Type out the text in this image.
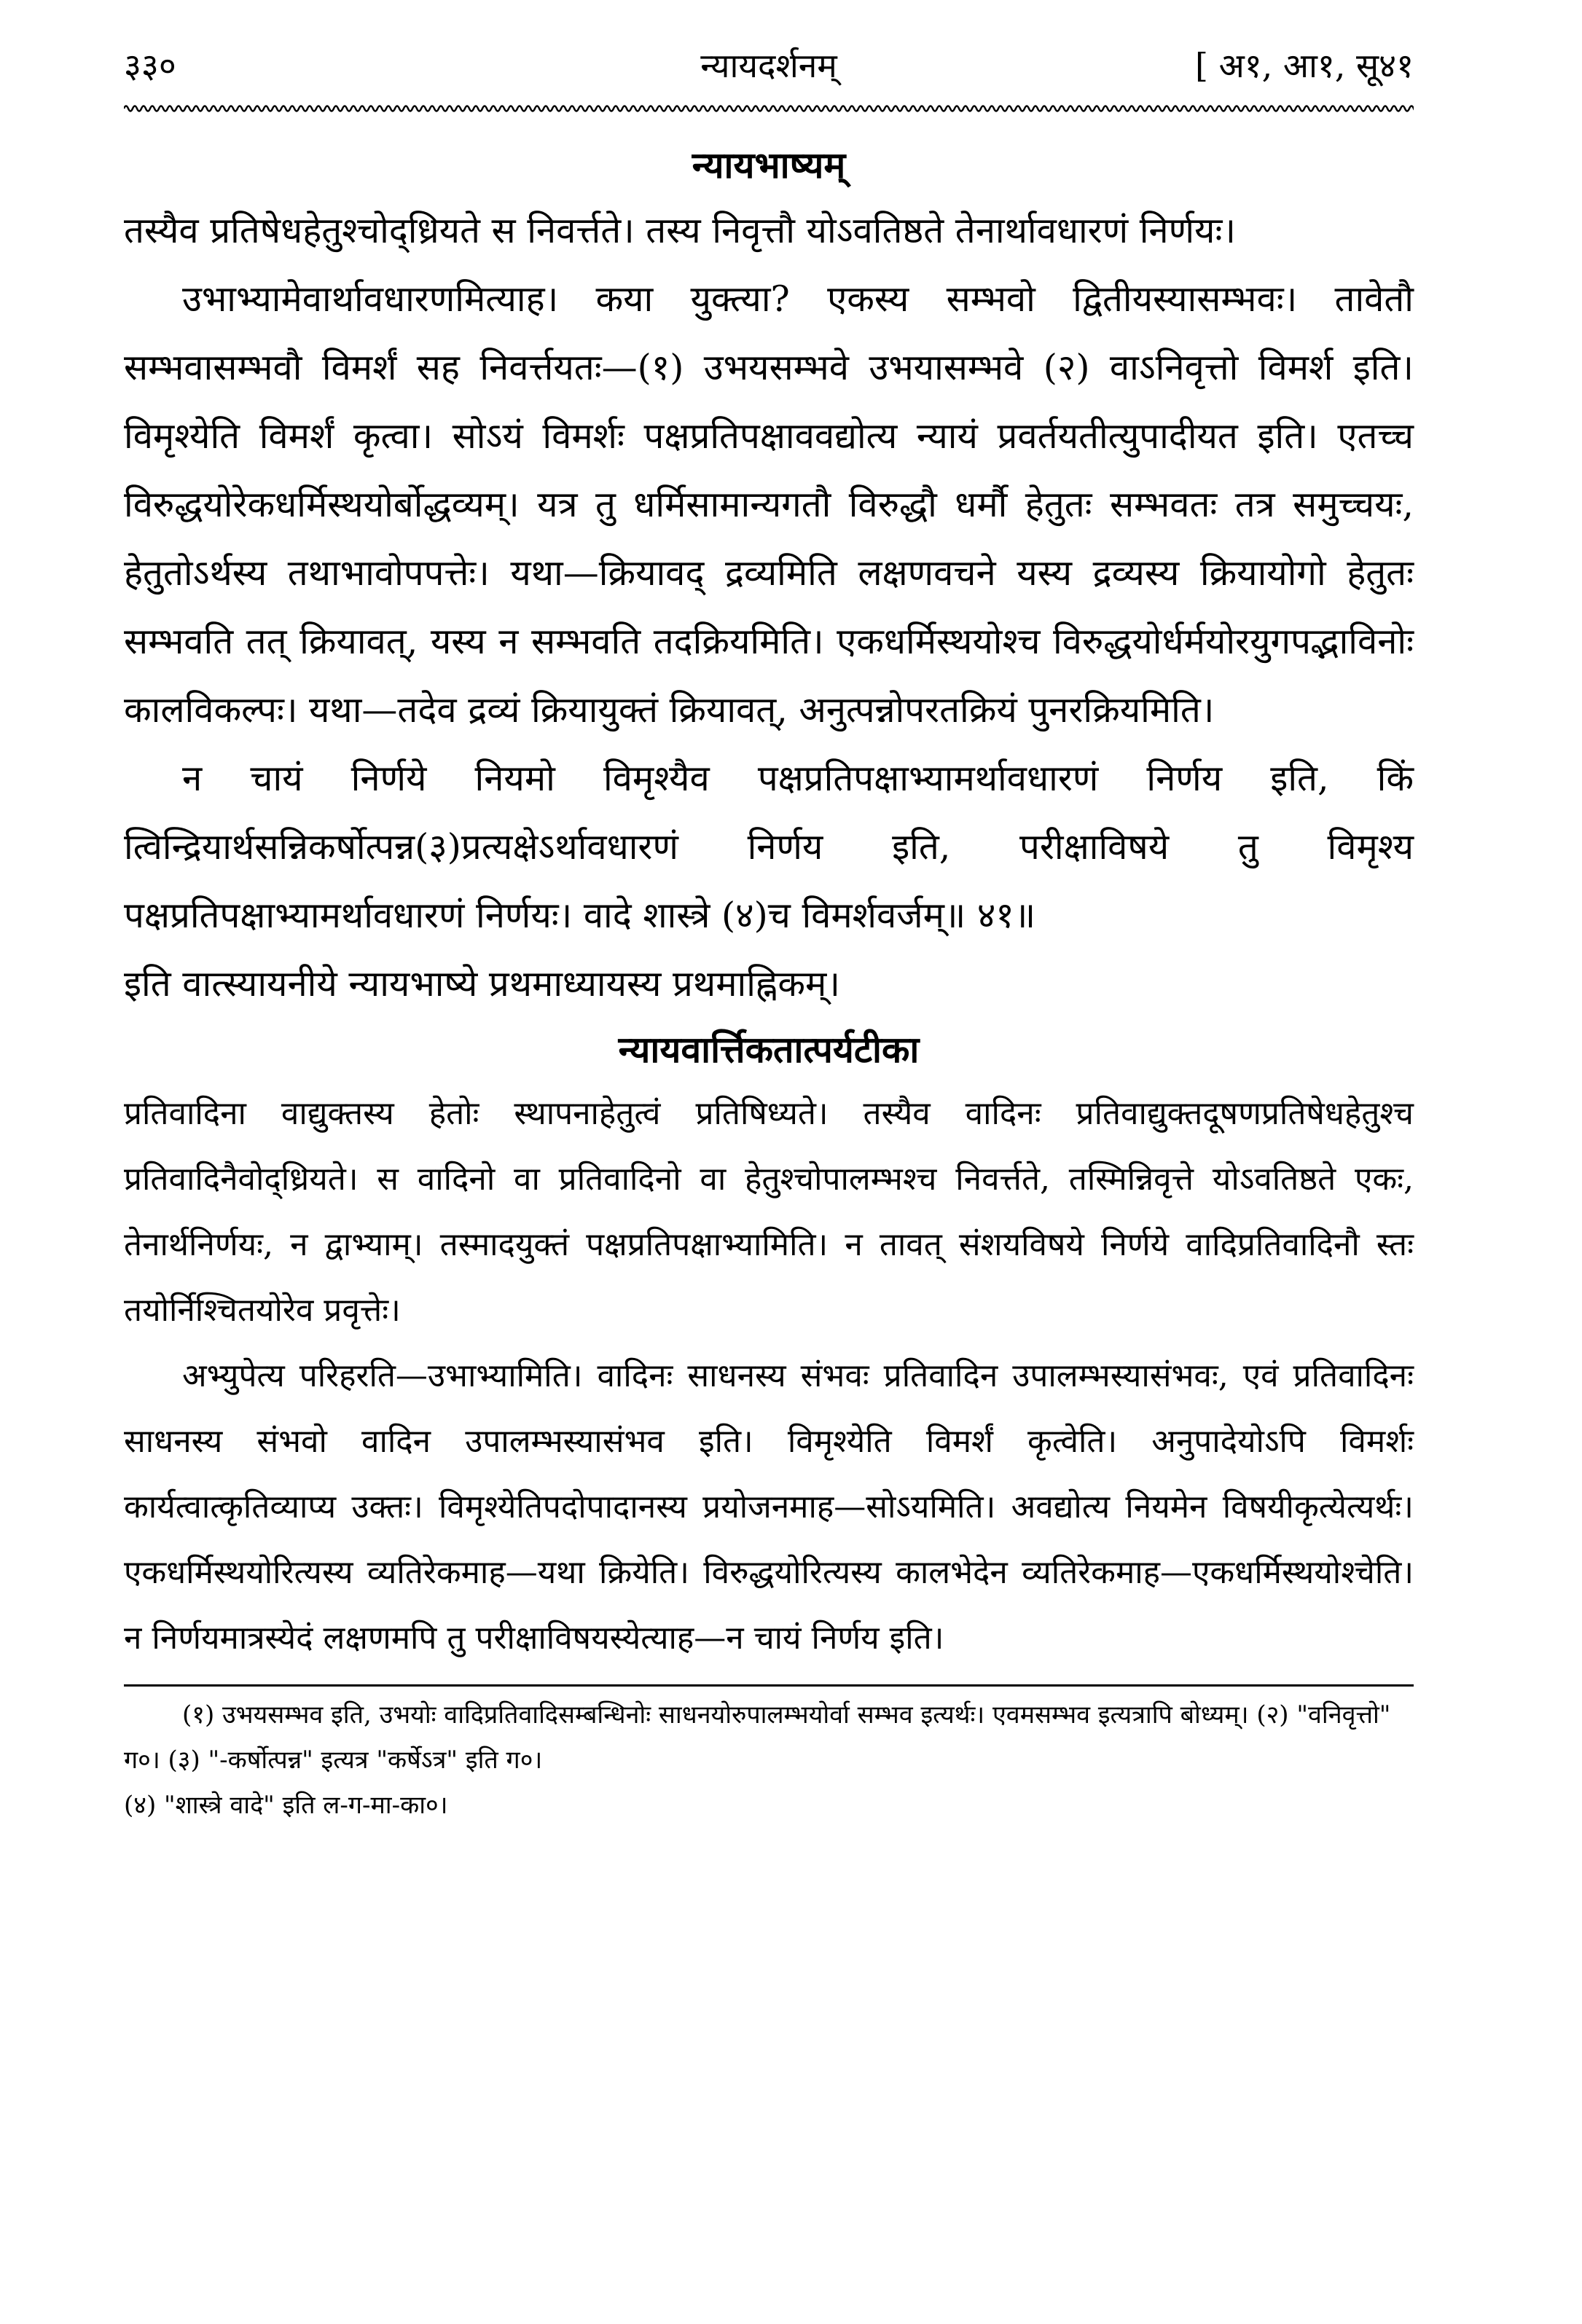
३३०	न्यायदर्शनम्	[ अ१, आ१, सू४१
न्यायभाष्यम्

तस्यैव प्रतिषेधहेतुश्चोद्ध्रियते स निवर्त्तते। तस्य निवृत्तौ योऽवतिष्ठते तेनार्थावधारणं निर्णयः।

उभाभ्यामेवार्थावधारणमित्याह। कया युक्त्या? एकस्य सम्भवो द्वितीयस्यासम्भवः। तावेतौ सम्भवासम्भवौ विमर्शं सह निवर्त्तयतः—(१) उभयसम्भवे उभयासम्भवे (२) वाऽनिवृत्तो विमर्श इति। विमृश्येति विमर्शं कृत्वा। सोऽयं विमर्शः पक्षप्रतिपक्षाववद्योत्य न्यायं प्रवर्तयतीत्युपादीयत इति। एतच्च विरुद्धयोरेकधर्मिस्थयोर्बोद्धव्यम्। यत्र तु धर्मिसामान्यगतौ विरुद्धौ धर्मौ हेतुतः सम्भवतः तत्र समुच्चयः, हेतुतोऽर्थस्य तथाभावोपपत्तेः। यथा—क्रियावद् द्रव्यमिति लक्षणवचने यस्य द्रव्यस्य क्रियायोगो हेतुतः सम्भवति तत् क्रियावत्, यस्य न सम्भवति तदक्रियमिति। एकधर्मिस्थयोश्च विरुद्धयोर्धर्मयोरयुगपद्भाविनोः कालविकल्पः। यथा—तदेव द्रव्यं क्रियायुक्तं क्रियावत्, अनुत्पन्नोपरतक्रियं पुनरक्रियमिति।

न चायं निर्णये नियमो विमृश्यैव पक्षप्रतिपक्षाभ्यामर्थावधारणं निर्णय इति, किं त्विन्द्रियार्थसन्निकर्षोत्पन्न(३)प्रत्यक्षेऽर्थावधारणं निर्णय इति, परीक्षाविषये तु विमृश्य पक्षप्रतिपक्षाभ्यामर्थावधारणं निर्णयः। वादे शास्त्रे (४)च विमर्शवर्जम्॥ ४१॥

इति वात्स्यायनीये न्यायभाष्ये प्रथमाध्यायस्य प्रथमाह्निकम्।

न्यायवार्त्तिकतात्पर्यटीका

प्रतिवादिना वाद्युक्तस्य हेतोः स्थापनाहेतुत्वं प्रतिषिध्यते। तस्यैव वादिनः प्रतिवाद्युक्तदूषणप्रतिषेधहेतुश्च प्रतिवादिनैवोद्ध्रियते। स वादिनो वा प्रतिवादिनो वा हेतुश्चोपालम्भश्च निवर्त्तते, तस्मिन्निवृत्ते योऽवतिष्ठते एकः, तेनार्थनिर्णयः, न द्वाभ्याम्। तस्मादयुक्तं पक्षप्रतिपक्षाभ्यामिति। न तावत् संशयविषये निर्णये वादिप्रतिवादिनौ स्तः तयोर्निश्चितयोरेव प्रवृत्तेः।

अभ्युपेत्य परिहरति—उभाभ्यामिति। वादिनः साधनस्य संभवः प्रतिवादिन उपालम्भस्यासंभवः, एवं प्रतिवादिनः साधनस्य संभवो वादिन उपालम्भस्यासंभव इति। विमृश्येति विमर्शं कृत्वेति। अनुपादेयोऽपि विमर्शः कार्यत्वात्कृतिव्याप्य उक्तः। विमृश्येतिपदोपादानस्य प्रयोजनमाह—सोऽयमिति। अवद्योत्य नियमेन विषयीकृत्येत्यर्थः। एकधर्मिस्थयोरित्यस्य व्यतिरेकमाह—यथा क्रियेति। विरुद्धयोरित्यस्य कालभेदेन व्यतिरेकमाह—एकधर्मिस्थयोश्चेति। न निर्णयमात्रस्येदं लक्षणमपि तु परीक्षाविषयस्येत्याह—न चायं निर्णय इति।

(१) उभयसम्भव इति, उभयोः वादिप्रतिवादिसम्बन्धिनोः साधनयोरुपालम्भयोर्वा सम्भव इत्यर्थः। एवमसम्भव इत्यत्रापि बोध्यम्। (२) "वनिवृत्तो" ग०। (३) "-कर्षोत्पन्न" इत्यत्र "कर्षेऽत्र" इति ग०।

(४) "शास्त्रे वादे" इति ल-ग-मा-का०।
